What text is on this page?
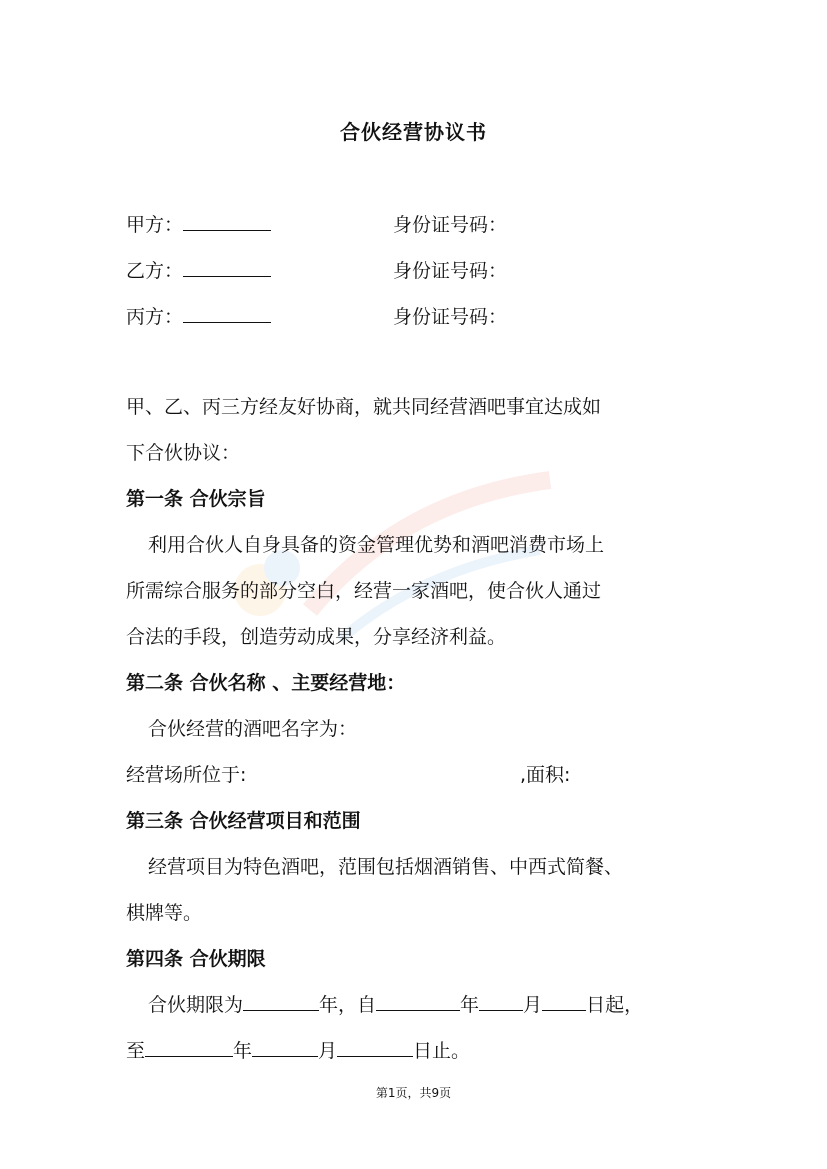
合伙经营协议书
甲方：	身份证号码：
乙方：	身份证号码：
丙方：	身份证号码：
甲、乙、丙三方经友好协商，就共同经营酒吧事宜达成如
下合伙协议：
第一条 合伙宗旨
利用合伙人自身具备的资金管理优势和酒吧消费市场上
所需综合服务的部分空白，经营一家酒吧，使合伙人通过
合法的手段，创造劳动成果，分享经济利益。
第二条 合伙名称 、主要经营地：
合伙经营的酒吧名字为：
经营场所位于:	,面积:
第三条 合伙经营项目和范围
经营项目为特色酒吧，范围包括烟酒销售、中西式简餐、
棋牌等。
第四条 合伙期限
合伙期限为	年，自	年 月 日起，
至	年	月	日止。
第1页，共9页
